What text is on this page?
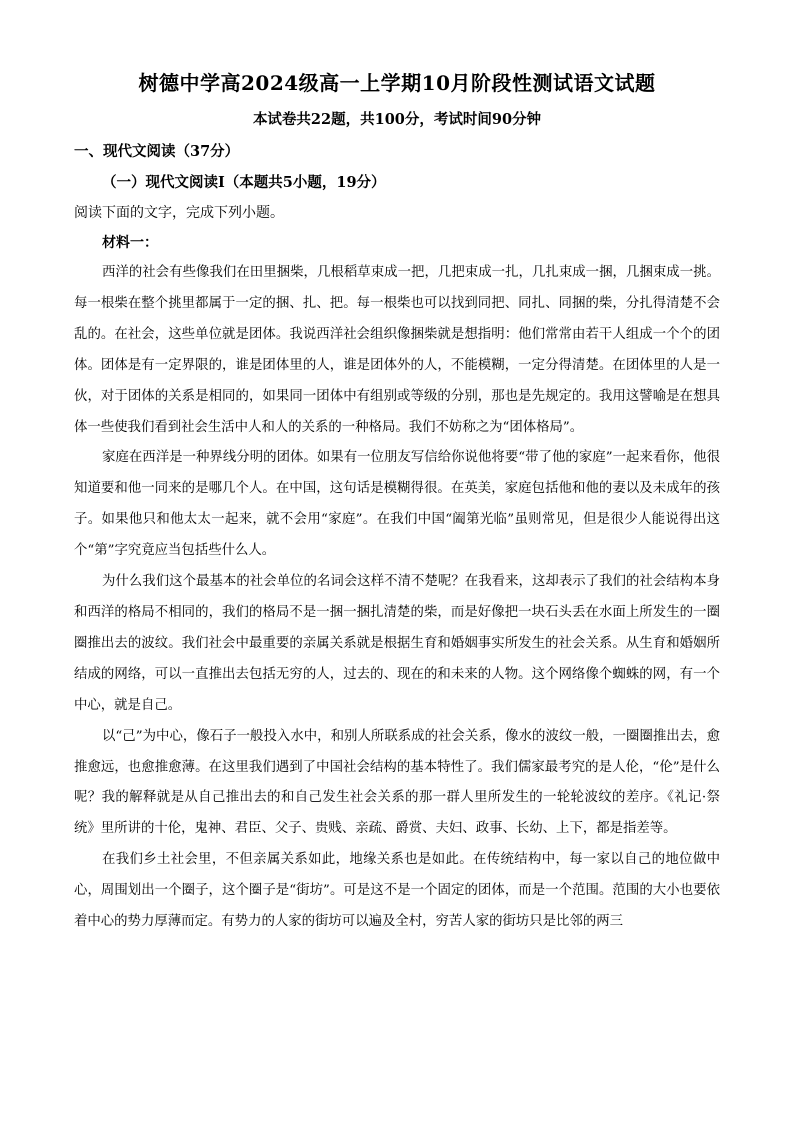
树德中学高2024级高一上学期10月阶段性测试语文试题
本试卷共22题，共100分，考试时间90分钟
一、现代文阅读（37分）
（一）现代文阅读Ⅰ（本题共5小题，19分）
阅读下面的文字，完成下列小题。
材料一：

西洋的社会有些像我们在田里捆柴，几根稻草束成一把，几把束成一扎，几扎束成一捆，几捆束成一挑。每一根柴在整个挑里都属于一定的捆、扎、把。每一根柴也可以找到同把、同扎、同捆的柴，分扎得清楚不会乱的。在社会，这些单位就是团体。我说西洋社会组织像捆柴就是想指明：他们常常由若干人组成一个个的团体。团体是有一定界限的，谁是团体里的人，谁是团体外的人，不能模糊，一定分得清楚。在团体里的人是一伙，对于团体的关系是相同的，如果同一团体中有组别或等级的分别，那也是先规定的。我用这譬喻是在想具体一些使我们看到社会生活中人和人的关系的一种格局。我们不妨称之为“团体格局”。

家庭在西洋是一种界线分明的团体。如果有一位朋友写信给你说他将要“带了他的家庭”一起来看你，他很知道要和他一同来的是哪几个人。在中国，这句话是模糊得很。在英美，家庭包括他和他的妻以及未成年的孩子。如果他只和他太太一起来，就不会用“家庭”。在我们中国“阖第光临”虽则常见，但是很少人能说得出这个“第”字究竟应当包括些什么人。

为什么我们这个最基本的社会单位的名词会这样不清不楚呢？在我看来，这却表示了我们的社会结构本身和西洋的格局不相同的，我们的格局不是一捆一捆扎清楚的柴，而是好像把一块石头丢在水面上所发生的一圈圈推出去的波纹。我们社会中最重要的亲属关系就是根据生育和婚姻事实所发生的社会关系。从生育和婚姻所结成的网络，可以一直推出去包括无穷的人，过去的、现在的和未来的人物。这个网络像个蜘蛛的网，有一个中心，就是自己。

以“己”为中心，像石子一般投入水中，和别人所联系成的社会关系，像水的波纹一般，一圈圈推出去，愈推愈远，也愈推愈薄。在这里我们遇到了中国社会结构的基本特性了。我们儒家最考究的是人伦，“伦”是什么呢？我的解释就是从自己推出去的和自己发生社会关系的那一群人里所发生的一轮轮波纹的差序。《礼记·祭统》里所讲的十伦，鬼神、君臣、父子、贵贱、亲疏、爵赏、夫妇、政事、长幼、上下，都是指差等。

在我们乡土社会里，不但亲属关系如此，地缘关系也是如此。在传统结构中，每一家以自己的地位做中心，周围划出一个圈子，这个圈子是“街坊”。可是这不是一个固定的团体，而是一个范围。范围的大小也要依着中心的势力厚薄而定。有势力的人家的街坊可以遍及全村，穷苦人家的街坊只是比邻的两三
